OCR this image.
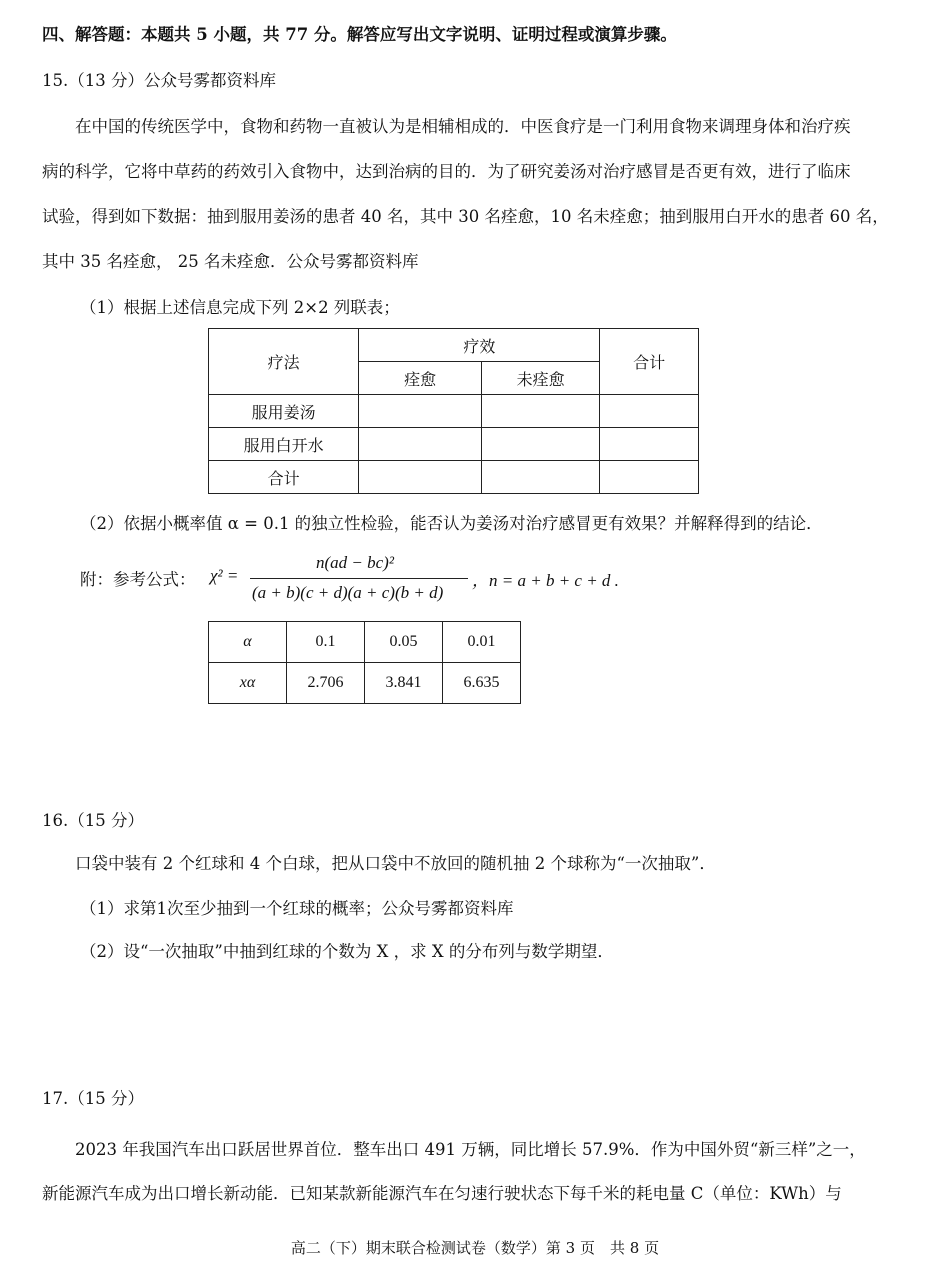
四、解答题：本题共 5 小题，共 77 分。解答应写出文字说明、证明过程或演算步骤。
15.（13 分）公众号雾都资料库
在中国的传统医学中，食物和药物一直被认为是相辅相成的．中医食疗是一门利用食物来调理身体和治疗疾
病的科学，它将中草药的药效引入食物中，达到治病的目的．为了研究姜汤对治疗感冒是否更有效，进行了临床
试验，得到如下数据：抽到服用姜汤的患者 40 名，其中 30 名痊愈，10 名未痊愈；抽到服用白开水的患者 60 名，
其中 35 名痊愈， 25 名未痊愈．公众号雾都资料库
（1）根据上述信息完成下列 2×2 列联表；
疗法	疗效		合计
	痊愈	未痊愈	
服用姜汤			
服用白开水			
合计			
（2）依据小概率值 α = 0.1 的独立性检验，能否认为姜汤对治疗感冒更有效果？并解释得到的结论．
附：参考公式： χ² =
n(ad − bc)²
(a + b)(c + d)(a + c)(b + d)
，n = a + b + c + d .
α	0.1	0.05	0.01
xα	2.706	3.841	6.635
16.（15 分）
口袋中装有 2 个红球和 4 个白球，把从口袋中不放回的随机抽 2 个球称为“一次抽取”．
（1）求第1次至少抽到一个红球的概率；公众号雾都资料库
（2）设“一次抽取”中抽到红球的个数为 X ，求 X 的分布列与数学期望．
17.（15 分）
2023 年我国汽车出口跃居世界首位．整车出口 491 万辆，同比增长 57.9%．作为中国外贸“新三样”之一，
新能源汽车成为出口增长新动能．已知某款新能源汽车在匀速行驶状态下每千米的耗电量 C（单位：KWh）与
高二（下）期末联合检测试卷（数学）第 3 页　共 8 页
